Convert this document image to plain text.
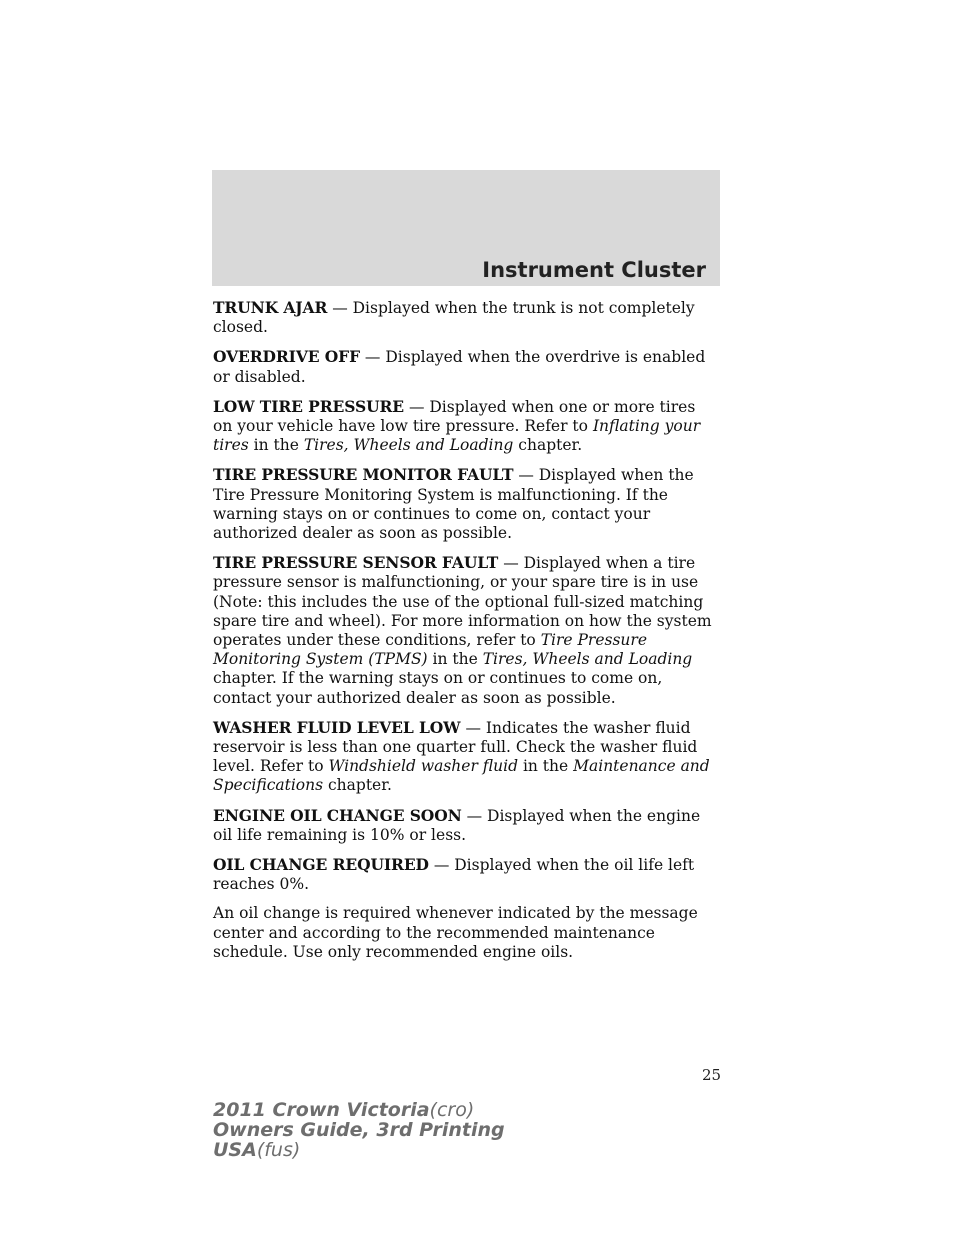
Instrument Cluster

TRUNK AJAR — Displayed when the trunk is not completely closed.

OVERDRIVE OFF — Displayed when the overdrive is enabled or disabled.

LOW TIRE PRESSURE — Displayed when one or more tires on your vehicle have low tire pressure. Refer to Inflating your tires in the Tires, Wheels and Loading chapter.

TIRE PRESSURE MONITOR FAULT — Displayed when the Tire Pressure Monitoring System is malfunctioning. If the warning stays on or continues to come on, contact your authorized dealer as soon as possible.

TIRE PRESSURE SENSOR FAULT — Displayed when a tire pressure sensor is malfunctioning, or your spare tire is in use (Note: this includes the use of the optional full-sized matching spare tire and wheel). For more information on how the system operates under these conditions, refer to Tire Pressure Monitoring System (TPMS) in the Tires, Wheels and Loading chapter. If the warning stays on or continues to come on, contact your authorized dealer as soon as possible.

WASHER FLUID LEVEL LOW — Indicates the washer fluid reservoir is less than one quarter full. Check the washer fluid level. Refer to Windshield washer fluid in the Maintenance and Specifications chapter.

ENGINE OIL CHANGE SOON — Displayed when the engine oil life remaining is 10% or less.

OIL CHANGE REQUIRED — Displayed when the oil life left reaches 0%.

An oil change is required whenever indicated by the message center and according to the recommended maintenance schedule. Use only recommended engine oils.

25
2011 Crown Victoria(cro)
Owners Guide, 3rd Printing
USA(fus)
